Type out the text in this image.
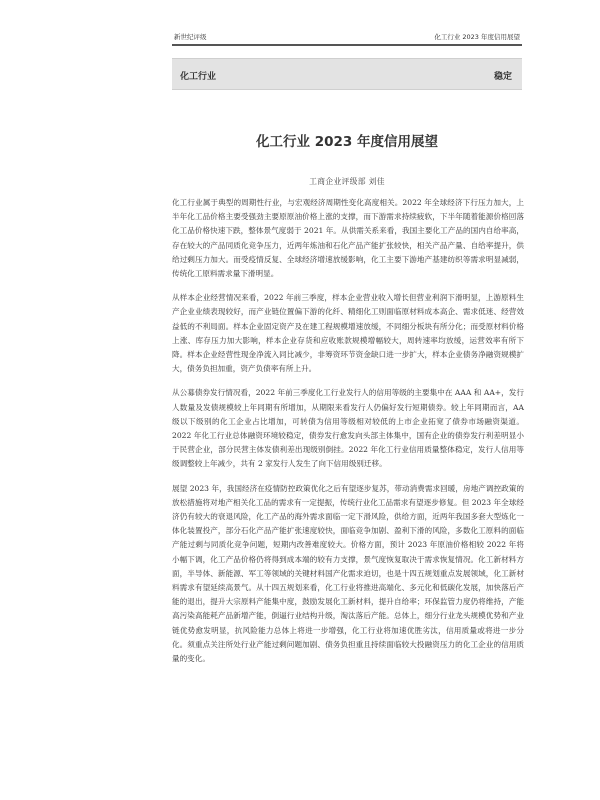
新世纪评级	化工行业 2023 年度信用展望
化工行业	稳定
化工行业 2023 年度信用展望
工商企业评级部 刘佳

化工行业属于典型的周期性行业，与宏观经济周期性变化高度相关。2022 年全球经济下行压力加大，上半年化工品价格主要受强劲主要原原油价格上涨的支撑，而下游需求持续疲软，下半年随着能源价格回落化工品价格快速下跌，整体景气度弱于 2021 年。从供需关系来看，我国主要化工产品的国内自给率高，存在较大的产品同质化竞争压力，近两年炼油和石化产品产能扩张较快，相关产品产量、自给率提升，供给过剩压力加大。而受疫情反复、全球经济增速放缓影响，化工主要下游地产基建纺织等需求明显减弱，传统化工原料需求量下滑明显。

从样本企业经营情况来看，2022 年前三季度，样本企业营业收入增长但营业利润下滑明显，上游原料生产企业业绩表现较好，而产业链位置偏下游的化纤、精细化工则面临原材料成本高企、需求低迷、经营效益低的不利局面。样本企业固定资产及在建工程规模增速放缓，不同细分板块有所分化；而受原材料价格上涨、库存压力加大影响，样本企业存货和应收账款规模增幅较大，周转速率均放缓，运营效率有所下降。样本企业经营性现金净流入同比减少，非筹资环节资金缺口进一步扩大，样本企业债务净融资规模扩大，债务负担加重，资产负债率有所上升。

从公募债券发行情况看，2022 年前三季度化工行业发行人的信用等级的主要集中在 AAA 和 AA+，发行人数量及发债规模较上年同期有所增加，从期限来看发行人仍偏好发行短期债券。较上年同期而言，AA 级以下级别的化工企业占比增加，可转债为信用等级相对较低的上市企业拓宽了债券市场融资渠道。2022 年化工行业总体融资环境较稳定，债券发行愈发向头部主体集中，国有企业的债券发行利差明显小于民营企业，部分民营主体发债利差出现级别倒挂。2022 年化工行业信用质量整体稳定，发行人信用等级调整较上年减少，共有 2 家发行人发生了向下信用级别迁移。

展望 2023 年，我国经济在疫情防控政策优化之后有望逐步复苏，带动消费需求回暖，房地产调控政策的放松措施将对地产相关化工品的需求有一定提振，传统行业化工品需求有望逐步修复。但 2023 年全球经济仍有较大的衰退风险，化工产品的海外需求面临一定下滑风险，供给方面，近两年我国多套大型炼化一体化装置投产，部分石化产品产能扩张速度较快，面临竞争加剧、盈利下滑的风险，多数化工原料的面临产能过剩与同质化竞争问题，短期内改善难度较大。价格方面，预计 2023 年原油价格相较 2022 年将小幅下调，化工产品价格仍将得到成本端的较有力支撑，景气度恢复取决于需求恢复情况。化工新材料方面，半导体、新能源、军工等领域的关键材料国产化需求迫切，也是十四五规划重点发展领域，化工新材料需求有望延续高景气。从十四五规划来看，化工行业将推进高端化、多元化和低碳化发展，加快落后产能的退出，提升大宗原料产能集中度，鼓励发展化工新材料，提升自给率；环保监管力度仍将维持，产能高污染高能耗产品新增产能，倒逼行业结构升级，淘汰落后产能。总体上，细分行业龙头规模优势和产业链优势愈发明显，抗风险能力总体上将进一步增强，化工行业将加速优胜劣汰，信用质量或将进一步分化。须重点关注所处行业产能过剩问题加剧、债务负担重且持续面临较大投融资压力的化工企业的信用质量的变化。
